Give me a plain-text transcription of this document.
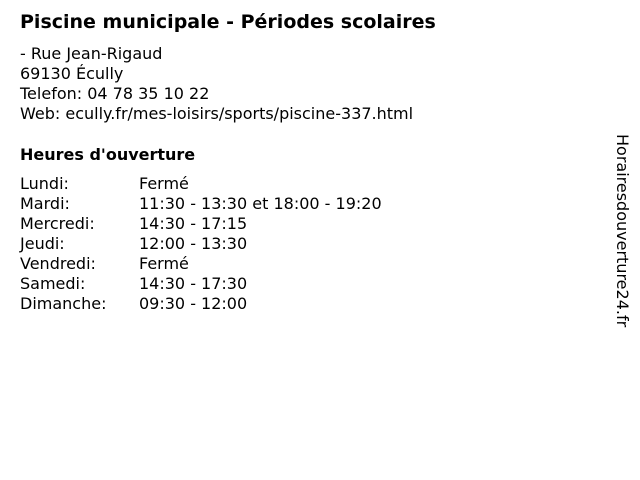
Piscine municipale - Périodes scolaires
- Rue Jean-Rigaud
69130 Écully
Telefon: 04 78 35 10 22
Web: ecully.fr/mes-loisirs/sports/piscine-337.html
Heures d'ouverture
Lundi:	Fermé
Mardi:	11:30 - 13:30 et 18:00 - 19:20
Mercredi:	14:30 - 17:15
Jeudi:	12:00 - 13:30
Vendredi:	Fermé
Samedi:	14:30 - 17:30
Dimanche:	09:30 - 12:00	Horairesdouverture24.fr
